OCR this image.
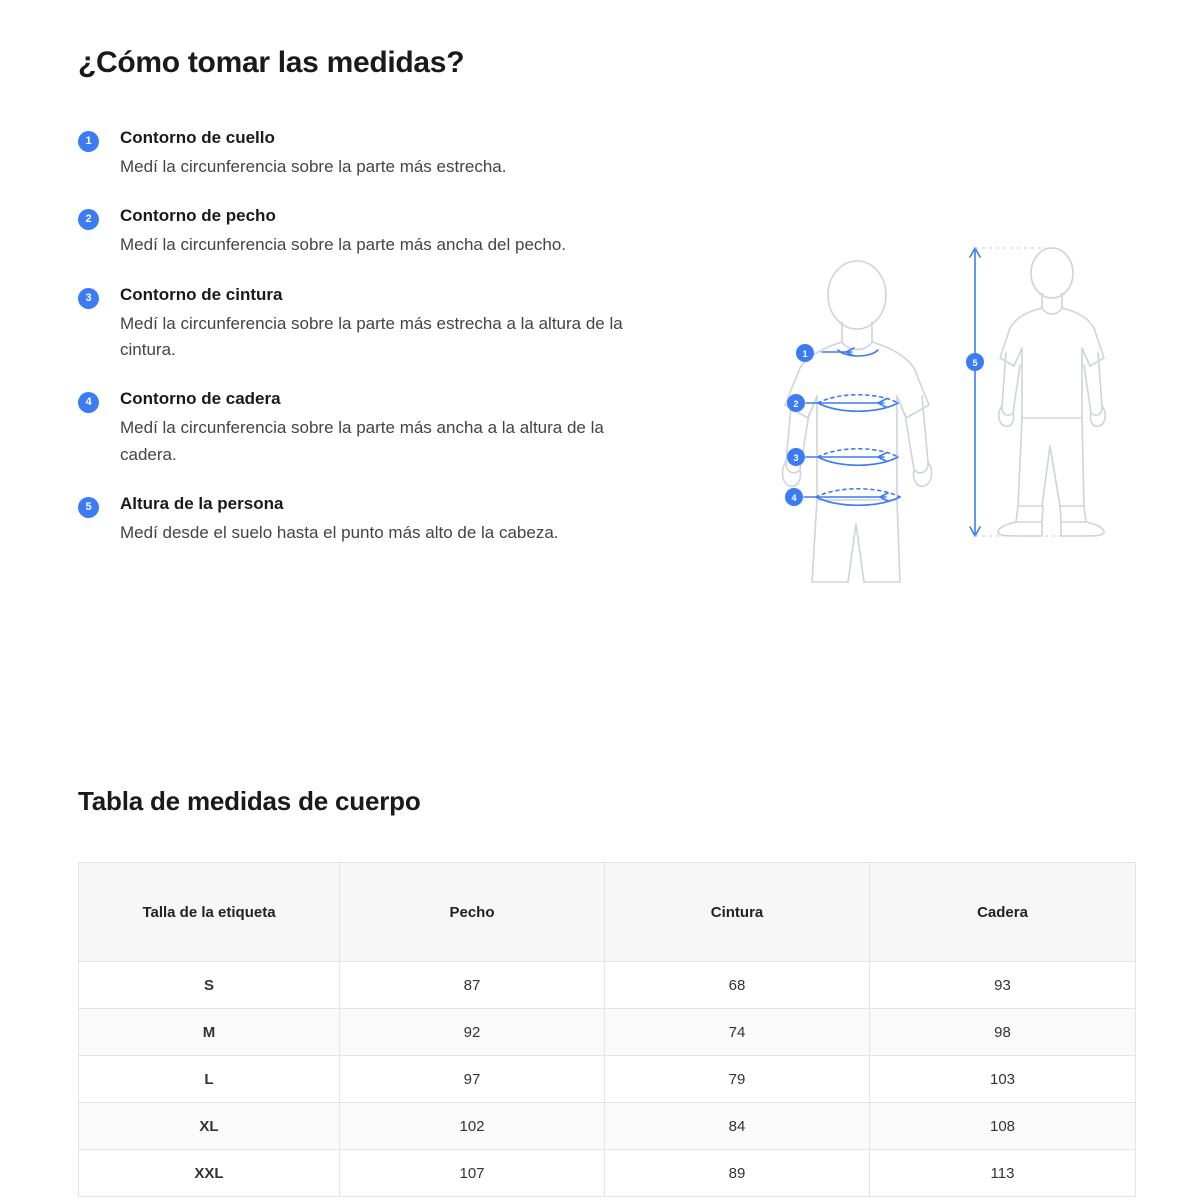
¿Cómo tomar las medidas?
1	Contorno de cuello
Medí la circunferencia sobre la parte más estrecha.
2	Contorno de pecho
Medí la circunferencia sobre la parte más ancha del pecho.
3	Contorno de cintura
Medí la circunferencia sobre la parte más estrecha a la altura de la cintura.
4	Contorno de cadera
Medí la circunferencia sobre la parte más ancha a la altura de la cadera.
5	Altura de la persona
Medí desde el suelo hasta el punto más alto de la cabeza.
1
2
3
4
5
Tabla de medidas de cuerpo
Talla de la etiqueta	Pecho	Cintura	Cadera
S	87	68	93
M	92	74	98
L	97	79	103
XL	102	84	108
XXL	107	89	113
